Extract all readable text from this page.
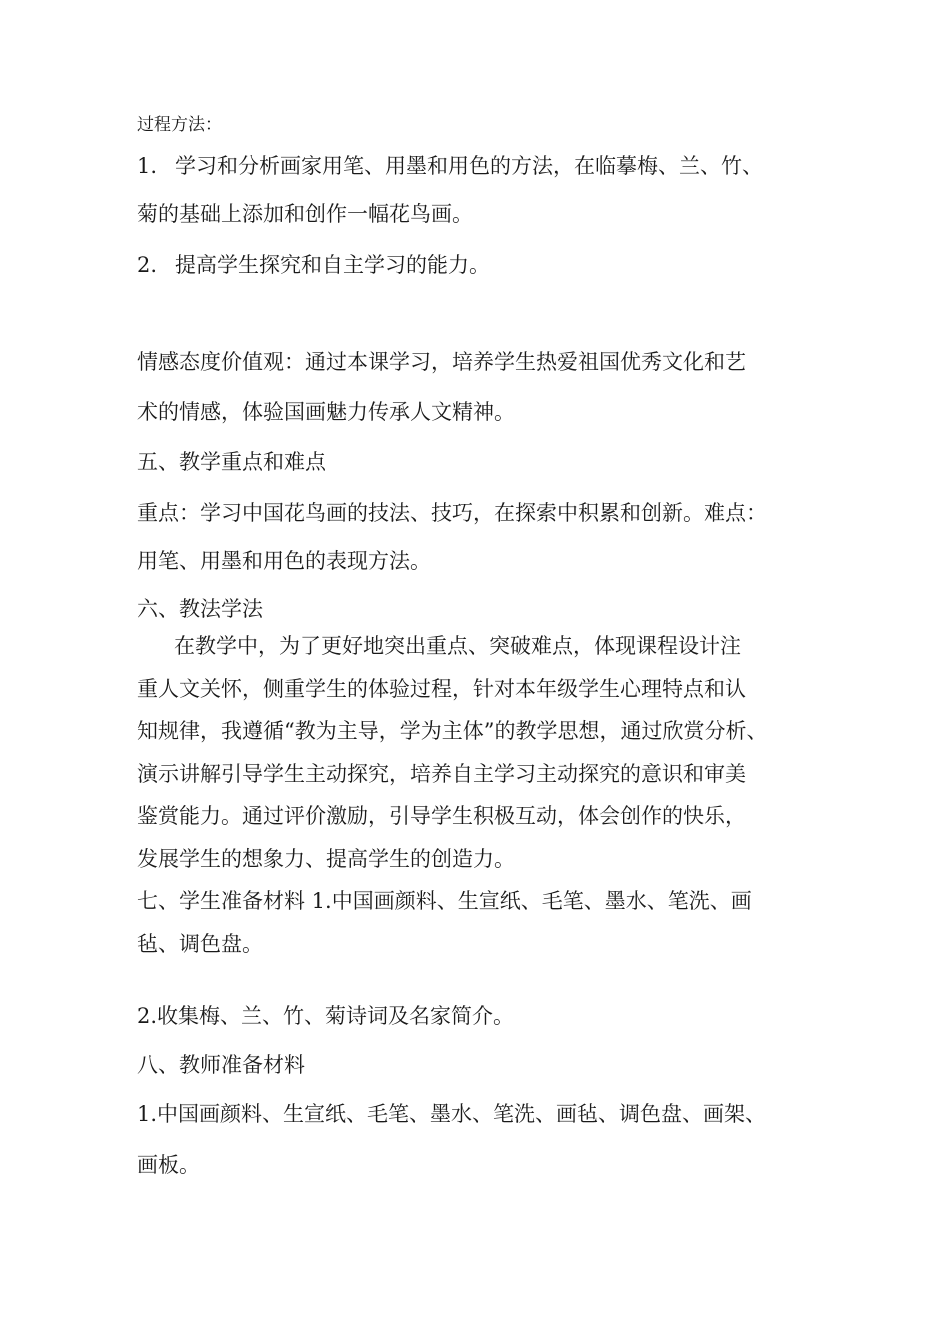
过程方法：
1. 学习和分析画家用笔、用墨和用色的方法，在临摹梅、兰、竹、
菊的基础上添加和创作一幅花鸟画。
2. 提高学生探究和自主学习的能力。
情感态度价值观：通过本课学习，培养学生热爱祖国优秀文化和艺
术的情感，体验国画魅力传承人文精神。
五、教学重点和难点
重点：学习中国花鸟画的技法、技巧，在探索中积累和创新。难点：
用笔、用墨和用色的表现方法。
六、教法学法
在教学中，为了更好地突出重点、突破难点，体现课程设计注
重人文关怀，侧重学生的体验过程，针对本年级学生心理特点和认
知规律，我遵循“教为主导，学为主体”的教学思想，通过欣赏分析、
演示讲解引导学生主动探究，培养自主学习主动探究的意识和审美
鉴赏能力。通过评价激励，引导学生积极互动，体会创作的快乐，
发展学生的想象力、提高学生的创造力。
七、学生准备材料 1.中国画颜料、生宣纸、毛笔、墨水、笔洗、画
毡、调色盘。
2.收集梅、兰、竹、菊诗词及名家简介。
八、教师准备材料
1.中国画颜料、生宣纸、毛笔、墨水、笔洗、画毡、调色盘、画架、
画板。
